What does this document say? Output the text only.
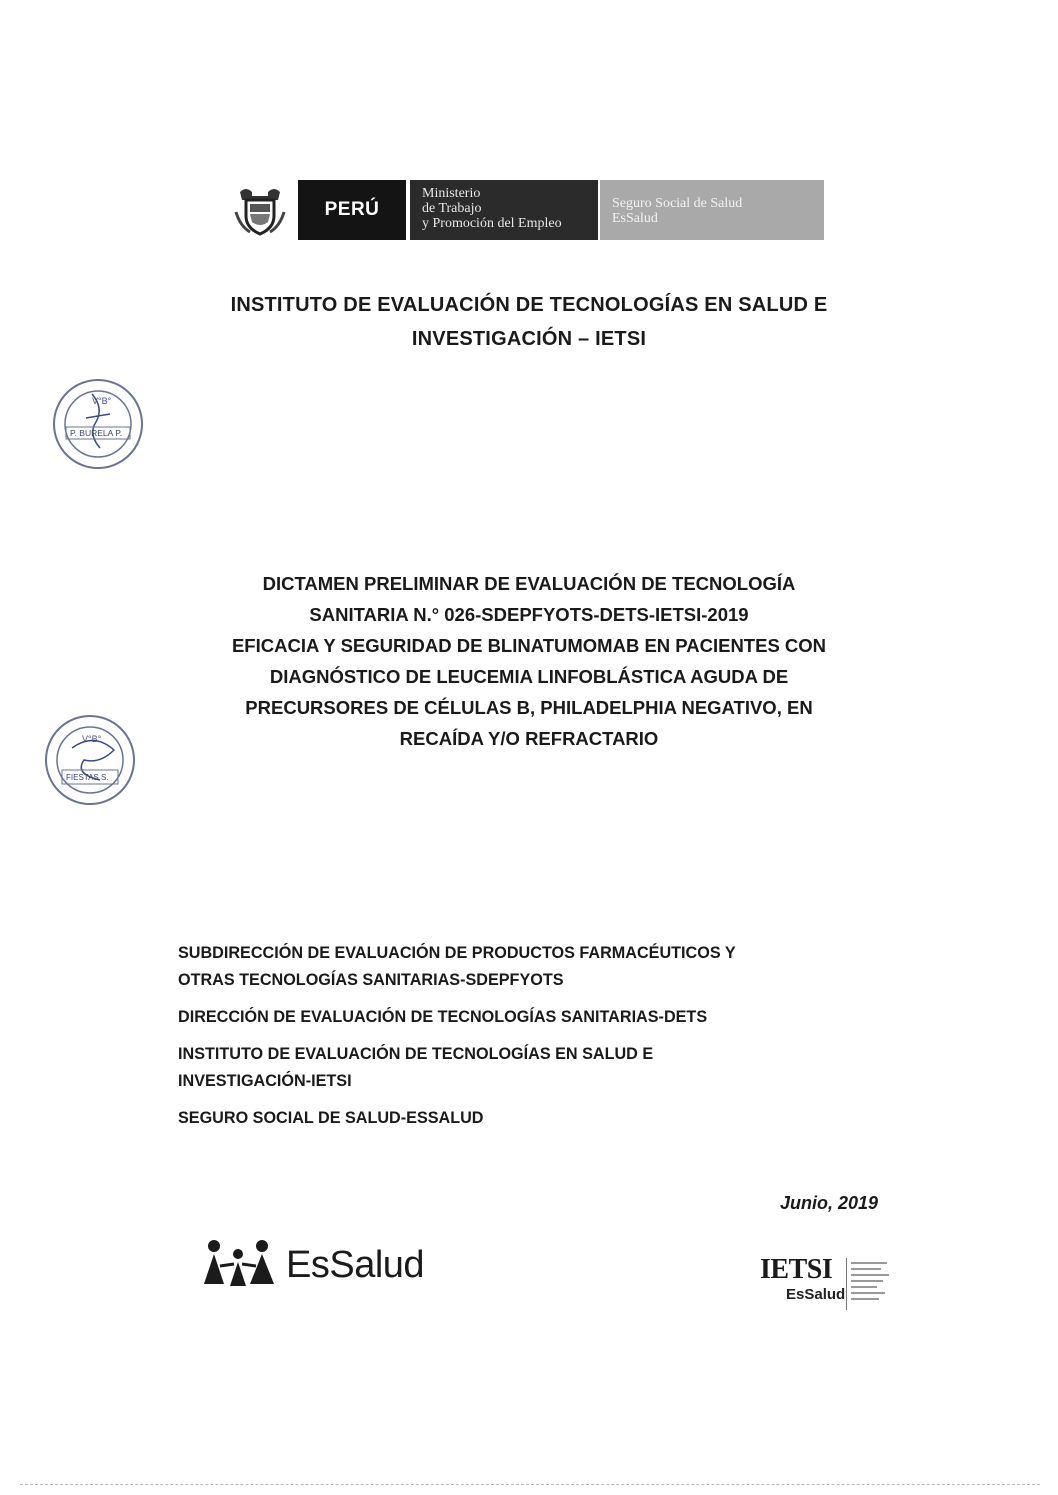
PERÚ
Ministerio
de Trabajo
y Promoción del Empleo
Seguro Social de Salud
EsSalud
INSTITUTO DE EVALUACIÓN DE TECNOLOGÍAS EN SALUD E
INVESTIGACIÓN – IETSI
V°B°
P. BURELA P.
DICTAMEN PRELIMINAR DE EVALUACIÓN DE TECNOLOGÍA
SANITARIA N.° 026-SDEPFYOTS-DETS-IETSI-2019
EFICACIA Y SEGURIDAD DE BLINATUMOMAB EN PACIENTES CON
DIAGNÓSTICO DE LEUCEMIA LINFOBLÁSTICA AGUDA DE
PRECURSORES DE CÉLULAS B, PHILADELPHIA NEGATIVO, EN
RECAÍDA Y/O REFRACTARIO
V°B°
FIESTAS S.

SUBDIRECCIÓN DE EVALUACIÓN DE PRODUCTOS FARMACÉUTICOS Y
OTRAS TECNOLOGÍAS SANITARIAS-SDEPFYOTS

DIRECCIÓN DE EVALUACIÓN DE TECNOLOGÍAS SANITARIAS-DETS

INSTITUTO DE EVALUACIÓN DE TECNOLOGÍAS EN SALUD E
INVESTIGACIÓN-IETSI

SEGURO SOCIAL DE SALUD-ESSALUD

Junio, 2019
EsSalud	IETSI
EsSalud
